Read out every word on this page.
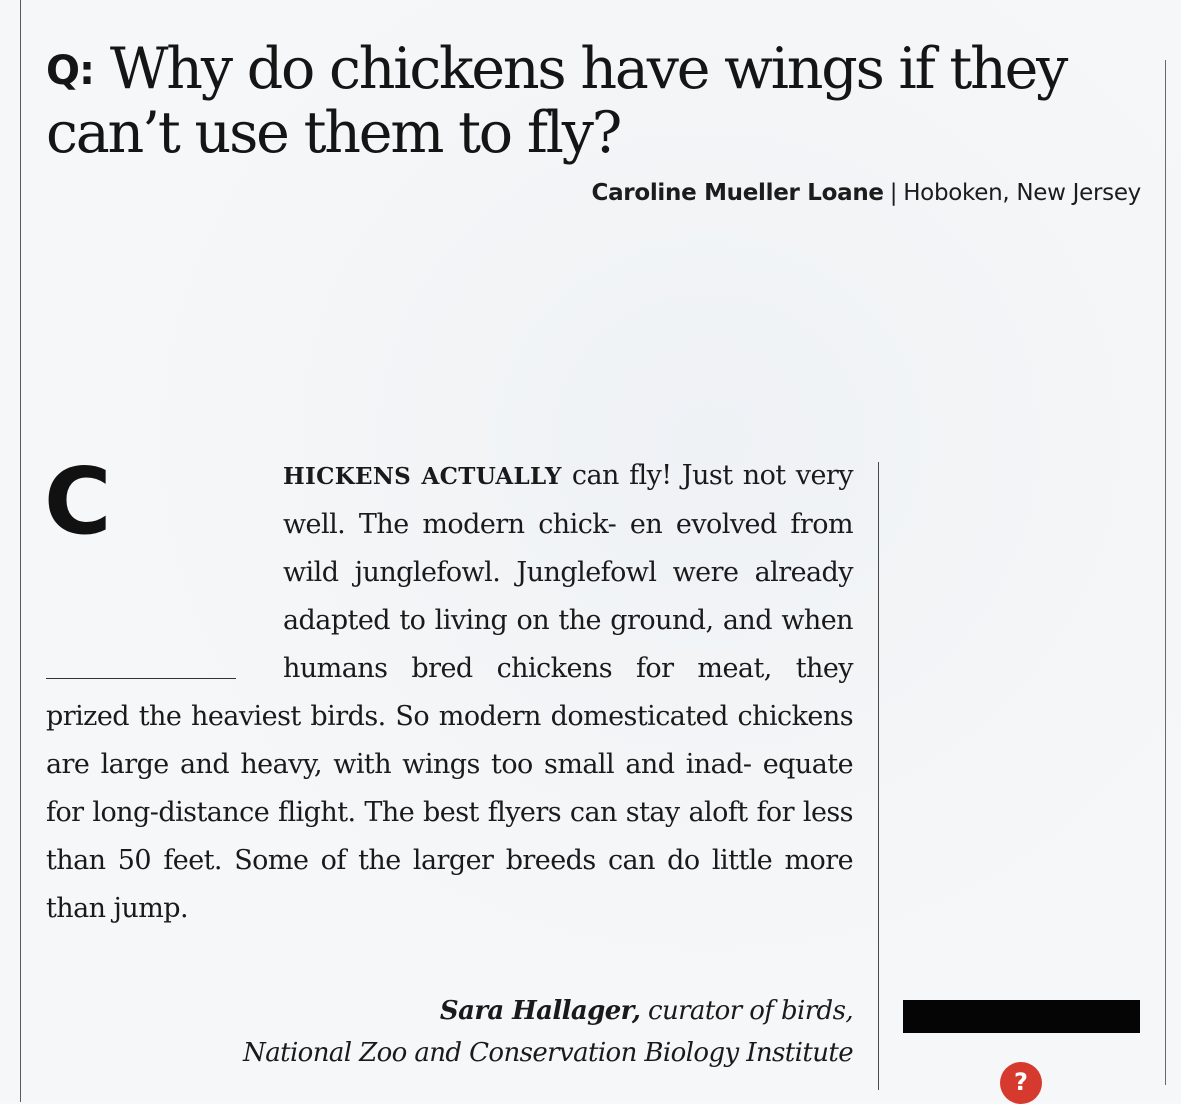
Q: Why do chickens have wings if they can’t use them to fly?
Caroline Mueller Loane | Hoboken, New Jersey
C	HICKENS ACTUALLY can fly! Just not very well. The modern chick- en evolved from wild junglefowl. Junglefowl were already adapted to living on the ground, and when humans bred chickens for meat, they prized the heaviest birds. So modern domesticated chickens are large and heavy, with wings too small and inad- equate for long-distance flight. The best flyers can stay aloft for less than 50 feet. Some of the larger breeds can do little more than jump.

Sara Hallager, curator of birds,
National Zoo and Conservation Biology Institute
?
